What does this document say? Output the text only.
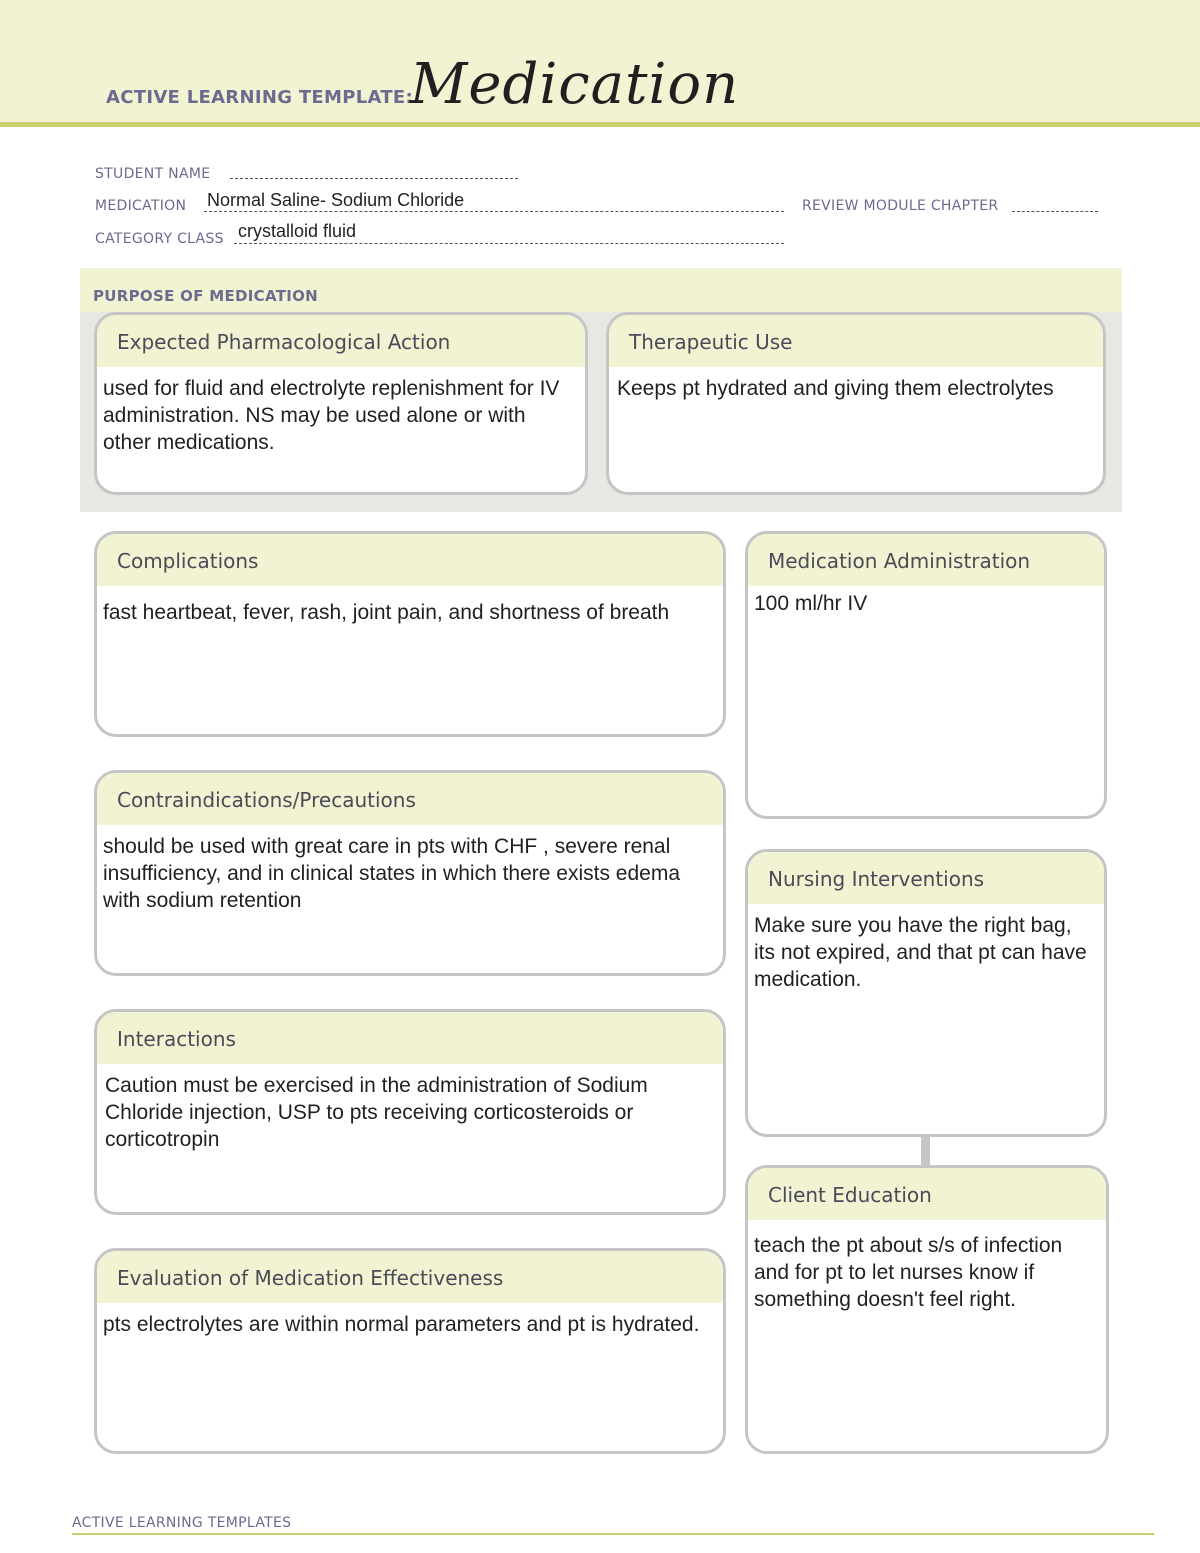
ACTIVE LEARNING TEMPLATE:
Medication
STUDENT NAME
MEDICATION Normal Saline- Sodium Chloride	REVIEW MODULE CHAPTER
CATEGORY CLASS crystalloid fluid
PURPOSE OF MEDICATION
Expected Pharmacological Action
used for fluid and electrolyte replenishment for IV administration. NS may be used alone or with other medications.
Therapeutic Use
Keeps pt hydrated and giving them electrolytes
Complications
fast heartbeat, fever, rash, joint pain, and shortness of breath
Contraindications/Precautions
should be used with great care in pts with CHF , severe renal insufficiency, and in clinical states in which there exists edema with sodium retention
Interactions
Caution must be exercised in the administration of Sodium Chloride injection, USP to pts receiving corticosteroids or corticotropin
Evaluation of Medication Effectiveness
pts electrolytes are within normal parameters and pt is hydrated.
Medication Administration
100 ml/hr IV
Nursing Interventions
Make sure you have the right bag, its not expired, and that pt can have medication.
Client Education
teach the pt about s/s of infection and for pt to let nurses know if something doesn't feel right.
ACTIVE LEARNING TEMPLATES
